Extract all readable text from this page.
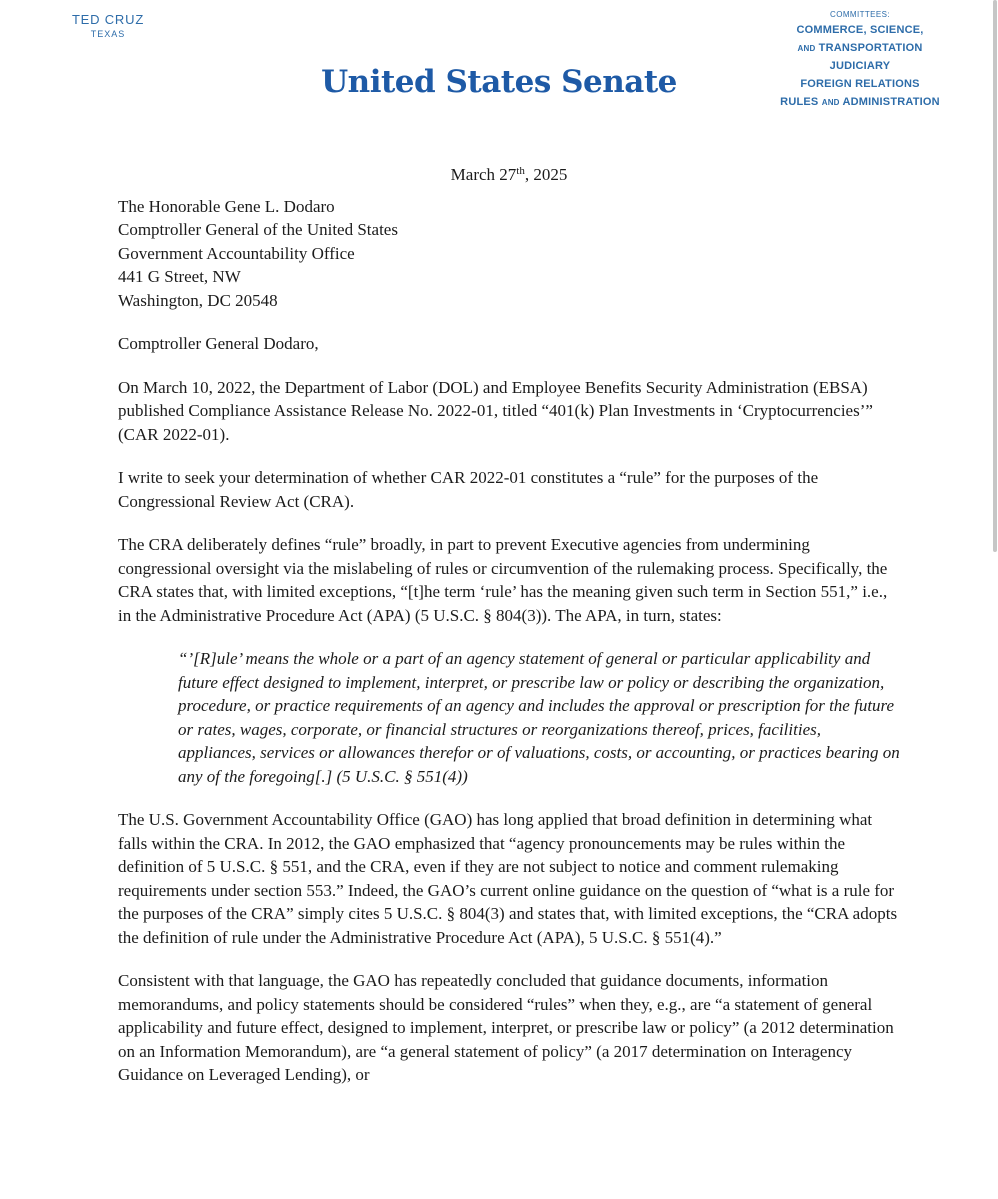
TED CRUZ
TEXAS
United States Senate
COMMITTEES:
COMMERCE, SCIENCE,
AND TRANSPORTATION
JUDICIARY
FOREIGN RELATIONS
RULES AND ADMINISTRATION
March 27th, 2025
The Honorable Gene L. Dodaro
Comptroller General of the United States
Government Accountability Office
441 G Street, NW
Washington, DC 20548

Comptroller General Dodaro,

On March 10, 2022, the Department of Labor (DOL) and Employee Benefits Security Administration (EBSA) published Compliance Assistance Release No. 2022-01, titled “401(k) Plan Investments in ‘Cryptocurrencies’” (CAR 2022-01).

I write to seek your determination of whether CAR 2022-01 constitutes a “rule” for the purposes of the Congressional Review Act (CRA).

The CRA deliberately defines “rule” broadly, in part to prevent Executive agencies from undermining congressional oversight via the mislabeling of rules or circumvention of the rulemaking process. Specifically, the CRA states that, with limited exceptions, “[t]he term ‘rule’ has the meaning given such term in Section 551,” i.e., in the Administrative Procedure Act (APA) (5 U.S.C. § 804(3)). The APA, in turn, states:

“’[R]ule’ means the whole or a part of an agency statement of general or particular applicability and future effect designed to implement, interpret, or prescribe law or policy or describing the organization, procedure, or practice requirements of an agency and includes the approval or prescription for the future or rates, wages, corporate, or financial structures or reorganizations thereof, prices, facilities, appliances, services or allowances therefor or of valuations, costs, or accounting, or practices bearing on any of the foregoing[.] (5 U.S.C. § 551(4))

The U.S. Government Accountability Office (GAO) has long applied that broad definition in determining what falls within the CRA. In 2012, the GAO emphasized that “agency pronouncements may be rules within the definition of 5 U.S.C. § 551, and the CRA, even if they are not subject to notice and comment rulemaking requirements under section 553.” Indeed, the GAO’s current online guidance on the question of “what is a rule for the purposes of the CRA” simply cites 5 U.S.C. § 804(3) and states that, with limited exceptions, the “CRA adopts the definition of rule under the Administrative Procedure Act (APA), 5 U.S.C. § 551(4).”

Consistent with that language, the GAO has repeatedly concluded that guidance documents, information memorandums, and policy statements should be considered “rules” when they, e.g., are “a statement of general applicability and future effect, designed to implement, interpret, or prescribe law or policy” (a 2012 determination on an Information Memorandum), are “a general statement of policy” (a 2017 determination on Interagency Guidance on Leveraged Lending), or
